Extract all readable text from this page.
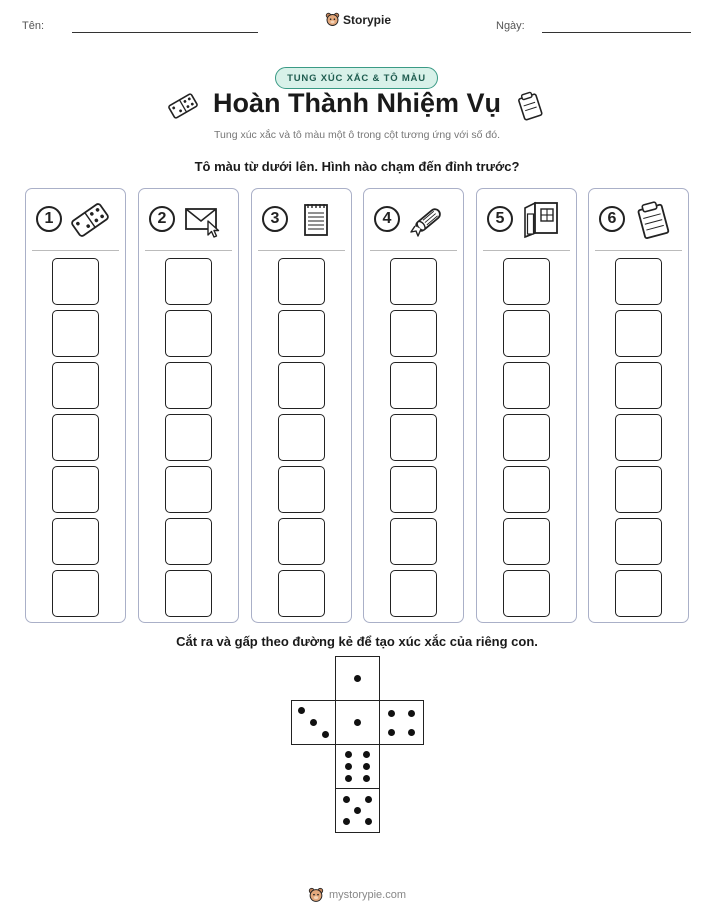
Tên:	Storypie	Ngày:
TUNG XÚC XẮC & TÔ MÀU
Hoàn Thành Nhiệm Vụ
Tung xúc xắc và tô màu một ô trong cột tương ứng với số đó.
Tô màu từ dưới lên. Hình nào chạm đến đỉnh trước?
1	2	3	4	5	6
Cắt ra và gấp theo đường kẻ để tạo xúc xắc của riêng con.
mystorypie.com
